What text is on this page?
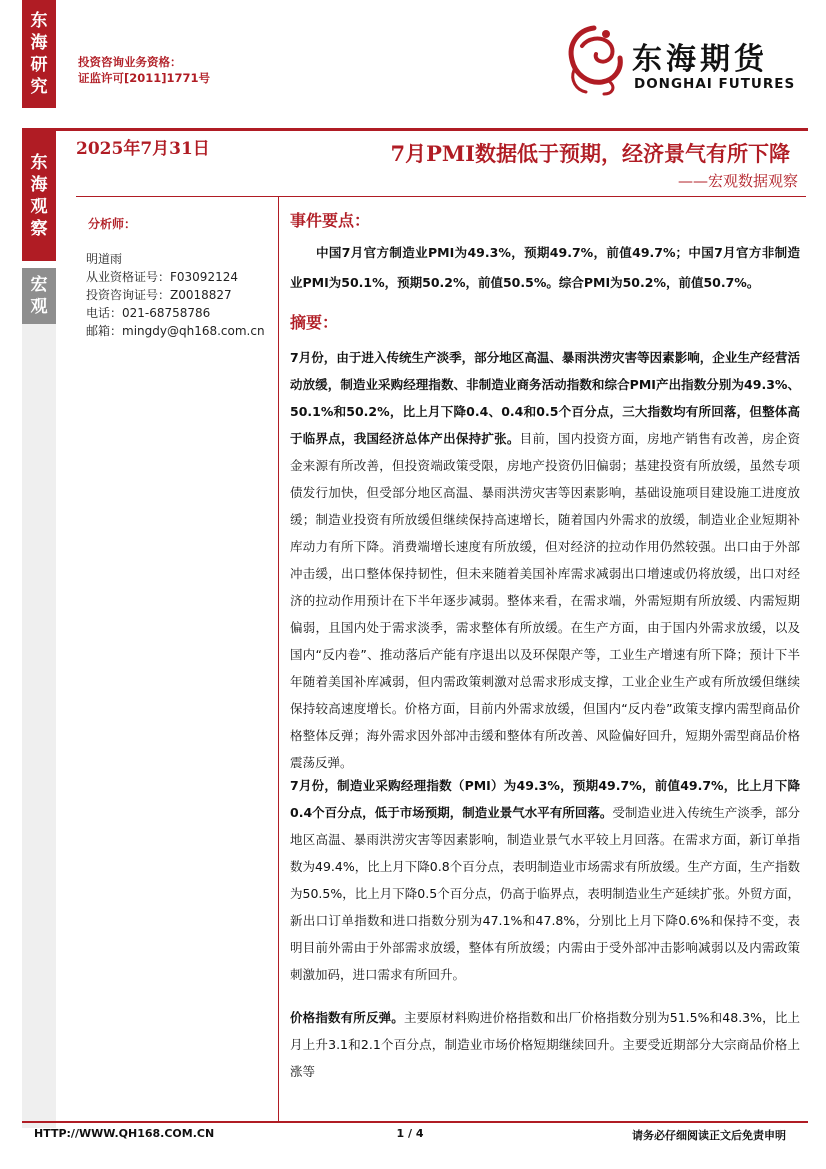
东
海
研
究
投资咨询业务资格：
证监许可[2011]1771号
东海期货
DONGHAI FUTURES
东
海
观
察
宏
观
2025年7月31日	7月PMI数据低于预期，经济景气有所下降
——宏观数据观察
分析师：
明道雨
从业资格证号：F03092124
投资咨询证号：Z0018827
电话：021-68758786
邮箱：mingdy@qh168.com.cn
事件要点：
中国7月官方制造业PMI为49.3%，预期49.7%，前值49.7%；中国7月官方非制造业PMI为50.1%，预期50.2%，前值50.5%。综合PMI为50.2%，前值50.7%。
摘要：
7月份，由于进入传统生产淡季，部分地区高温、暴雨洪涝灾害等因素影响，企业生产经营活动放缓，制造业采购经理指数、非制造业商务活动指数和综合PMI产出指数分别为49.3%、50.1%和50.2%，比上月下降0.4、0.4和0.5个百分点，三大指数均有所回落，但整体高于临界点，我国经济总体产出保持扩张。目前，国内投资方面，房地产销售有改善，房企资金来源有所改善，但投资端政策受限，房地产投资仍旧偏弱；基建投资有所放缓，虽然专项债发行加快，但受部分地区高温、暴雨洪涝灾害等因素影响，基础设施项目建设施工进度放缓；制造业投资有所放缓但继续保持高速增长，随着国内外需求的放缓，制造业企业短期补库动力有所下降。消费端增长速度有所放缓，但对经济的拉动作用仍然较强。出口由于外部冲击缓，出口整体保持韧性，但未来随着美国补库需求减弱出口增速或仍将放缓，出口对经济的拉动作用预计在下半年逐步减弱。整体来看，在需求端，外需短期有所放缓、内需短期偏弱，且国内处于需求淡季，需求整体有所放缓。在生产方面，由于国内外需求放缓，以及国内“反内卷”、推动落后产能有序退出以及环保限产等，工业生产增速有所下降；预计下半年随着美国补库减弱，但内需政策刺激对总需求形成支撑，工业企业生产或有所放缓但继续保持较高速度增长。价格方面，目前内外需求放缓，但国内“反内卷”政策支撑内需型商品价格整体反弹；海外需求因外部冲击缓和整体有所改善、风险偏好回升，短期外需型商品价格震荡反弹。
7月份，制造业采购经理指数（PMI）为49.3%，预期49.7%，前值49.7%，比上月下降0.4个百分点，低于市场预期，制造业景气水平有所回落。受制造业进入传统生产淡季，部分地区高温、暴雨洪涝灾害等因素影响，制造业景气水平较上月回落。在需求方面，新订单指数为49.4%，比上月下降0.8个百分点，表明制造业市场需求有所放缓。生产方面，生产指数为50.5%，比上月下降0.5个百分点，仍高于临界点，表明制造业生产延续扩张。外贸方面，新出口订单指数和进口指数分别为47.1%和47.8%，分别比上月下降0.6%和保持不变，表明目前外需由于外部需求放缓，整体有所放缓；内需由于受外部冲击影响减弱以及内需政策刺激加码，进口需求有所回升。
价格指数有所反弹。主要原材料购进价格指数和出厂价格指数分别为51.5%和48.3%，比上月上升3.1和2.1个百分点，制造业市场价格短期继续回升。主要受近期部分大宗商品价格上涨等
HTTP://WWW.QH168.COM.CN	1 / 4	请务必仔细阅读正文后免责申明
